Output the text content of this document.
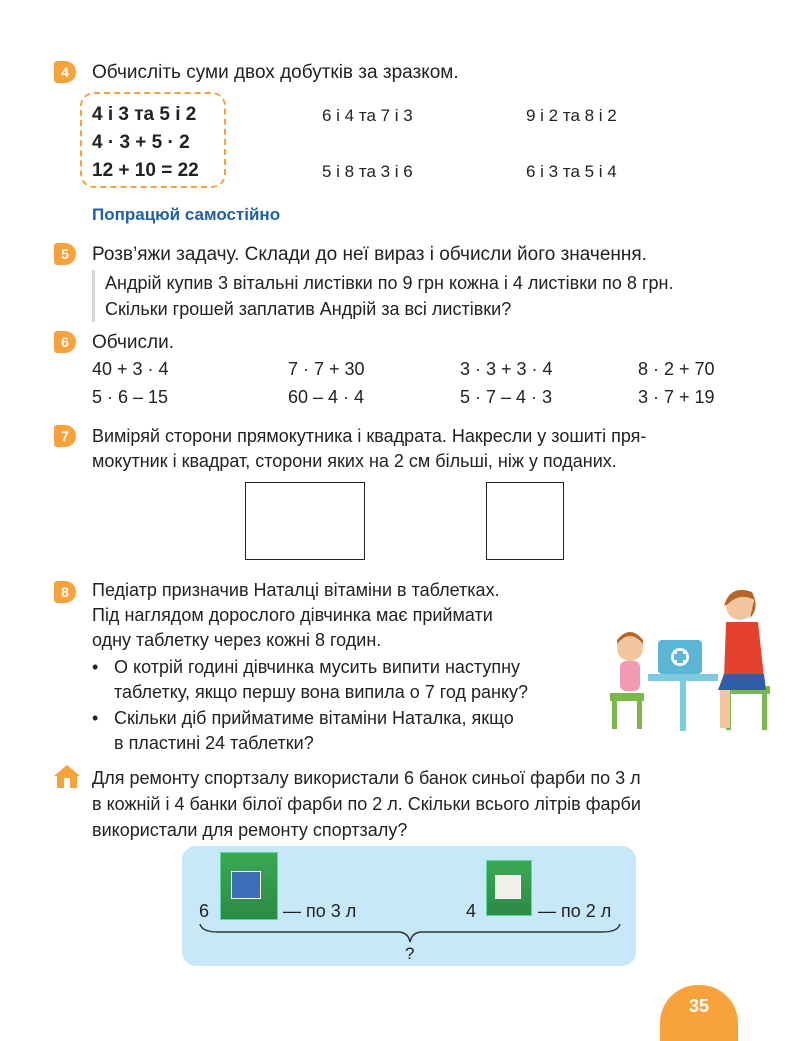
4	Обчисліть суми двох добутків за зразком.
4 і 3 та 5 і 2
4 · 3 + 5 · 2
12 + 10 = 22
6 і 4 та 7 і 3	9 і 2 та 8 і 2
5 і 8 та 3 і 6	6 і 3 та 5 і 4
Попрацюй самостійно
5	Розв’яжи задачу. Склади до неї вираз і обчисли його значення.
Андрій купив 3 вітальні листівки по 9 грн кожна і 4 листівки по 8 грн.
Скільки грошей заплатив Андрій за всі листівки?
6	Обчисли.
40 + 3 · 4	7 · 7 + 30	3 · 3 + 3 · 4	8 · 2 + 70
5 · 6 – 15	60 – 4 · 4	5 · 7 – 4 · 3	3 · 7 + 19
7	Виміряй сторони прямокутника і квадрата. Накресли у зошиті пря-
мокутник і квадрат, сторони яких на 2 см більші, ніж у поданих.
8	Педіатр призначив Наталці вітаміни в таблетках.
Під наглядом дорослого дівчинка має приймати
одну таблетку через кожні 8 годин.
• О котрій годині дівчинка мусить випити наступну
таблетку, якщо першу вона випила о 7 год ранку?
• Скільки діб прийматиме вітаміни Наталка, якщо
в пластині 24 таблетки?
Для ремонту спортзалу використали 6 банок синьої фарби по 3 л
в кожній і 4 банки білої фарби по 2 л. Скільки всього літрів фарби
використали для ремонту спортзалу?
6	— по 3 л	4	— по 2 л
?
35
